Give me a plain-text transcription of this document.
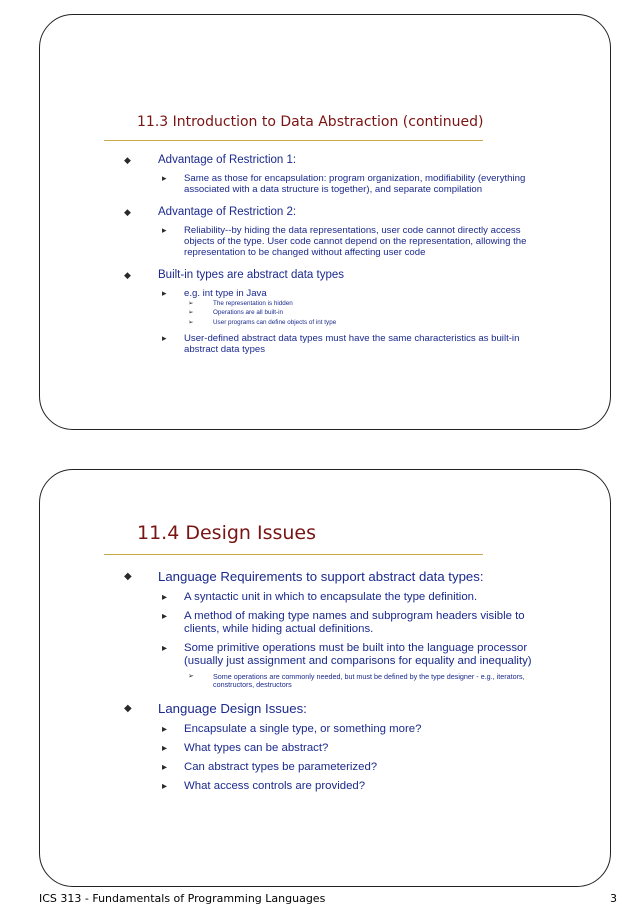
11.3 Introduction to Data Abstraction (continued)
◆ Advantage of Restriction 1:
▸ Same as those for encapsulation: program organization, modifiability (everything associated with a data structure is together), and separate compilation
◆ Advantage of Restriction 2:
▸ Reliability--by hiding the data representations, user code cannot directly access objects of the type. User code cannot depend on the representation, allowing the representation to be changed without affecting user code
◆ Built-in types are abstract data types
▸ e.g. int type in Java
➢	The representation is hidden
➢	Operations are all built-in
➢	User programs can define objects of int type
▸ User-defined abstract data types must have the same characteristics as built-in abstract data types
11.4 Design Issues
◆ Language Requirements to support abstract data types:
▸ A syntactic unit in which to encapsulate the type definition.
▸ A method of making type names and subprogram headers visible to clients, while hiding actual definitions.
▸ Some primitive operations must be built into the language processor (usually just assignment and comparisons for equality and inequality)
➢	Some operations are commonly needed, but must be defined by the type designer - e.g., iterators, constructors, destructors
◆ Language Design Issues:
▸ Encapsulate a single type, or something more?
▸ What types can be abstract?
▸ Can abstract types be parameterized?
▸ What access controls are provided?
ICS 313 - Fundamentals of Programming Languages	3
